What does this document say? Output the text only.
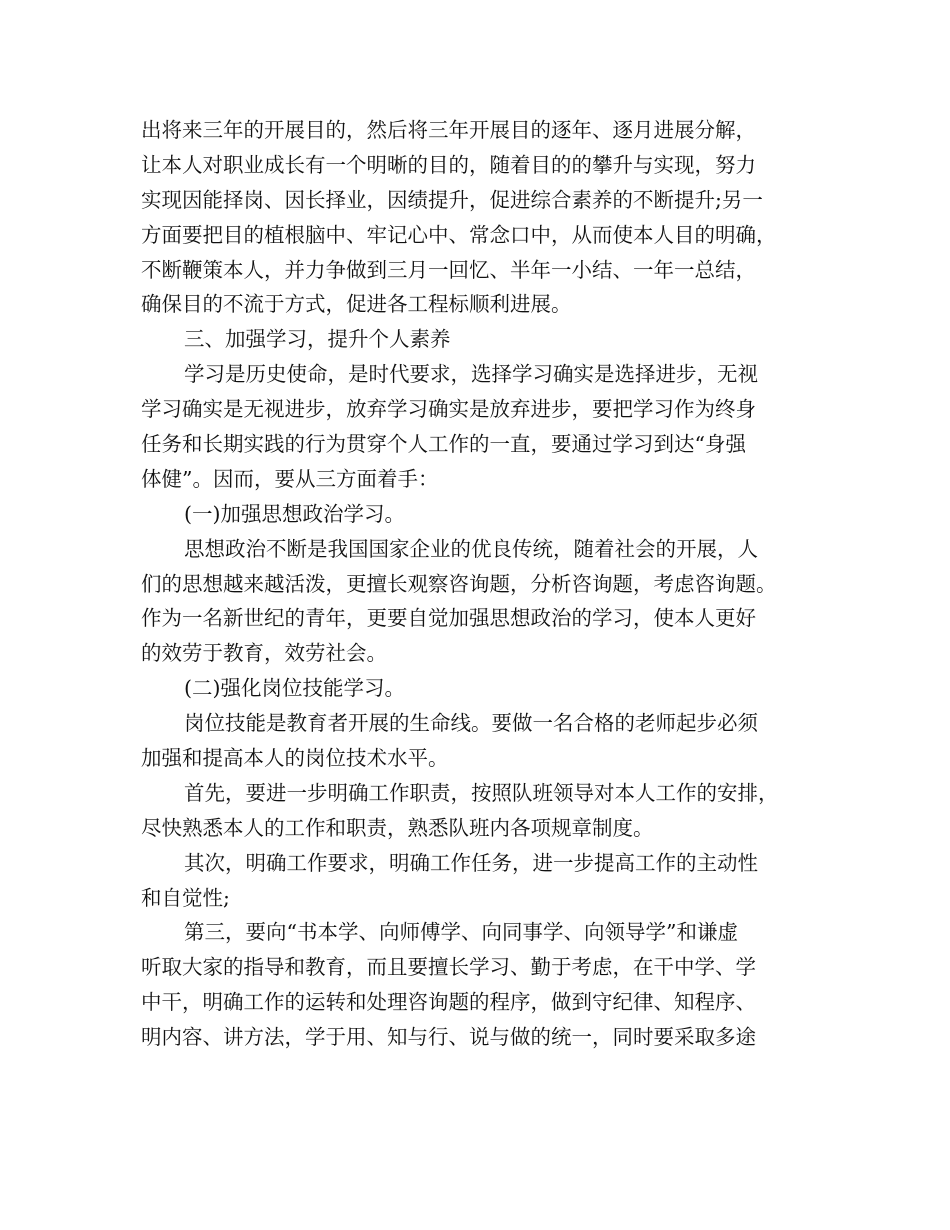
出将来三年的开展目的，然后将三年开展目的逐年、逐月进展分解，
让本人对职业成长有一个明晰的目的，随着目的的攀升与实现，努力
实现因能择岗、因长择业，因绩提升，促进综合素养的不断提升;另一
方面要把目的植根脑中、牢记心中、常念口中，从而使本人目的明确，
不断鞭策本人，并力争做到三月一回忆、半年一小结、一年一总结，
确保目的不流于方式，促进各工程标顺利进展。
三、加强学习，提升个人素养
学习是历史使命，是时代要求，选择学习确实是选择进步，无视
学习确实是无视进步，放弃学习确实是放弃进步，要把学习作为终身
任务和长期实践的行为贯穿个人工作的一直，要通过学习到达“身强
体健”。因而，要从三方面着手：
(一)加强思想政治学习。
思想政治不断是我国国家企业的优良传统，随着社会的开展，人
们的思想越来越活泼，更擅长观察咨询题，分析咨询题，考虑咨询题。
作为一名新世纪的青年，更要自觉加强思想政治的学习，使本人更好
的效劳于教育，效劳社会。
(二)强化岗位技能学习。
岗位技能是教育者开展的生命线。要做一名合格的老师起步必须
加强和提高本人的岗位技术水平。
首先，要进一步明确工作职责，按照队班领导对本人工作的安排，
尽快熟悉本人的工作和职责，熟悉队班内各项规章制度。
其次，明确工作要求，明确工作任务，进一步提高工作的主动性
和自觉性;
第三，要向“书本学、向师傅学、向同事学、向领导学”和谦虚
听取大家的指导和教育，而且要擅长学习、勤于考虑，在干中学、学
中干，明确工作的运转和处理咨询题的程序，做到守纪律、知程序、
明内容、讲方法，学于用、知与行、说与做的统一，同时要采取多途
